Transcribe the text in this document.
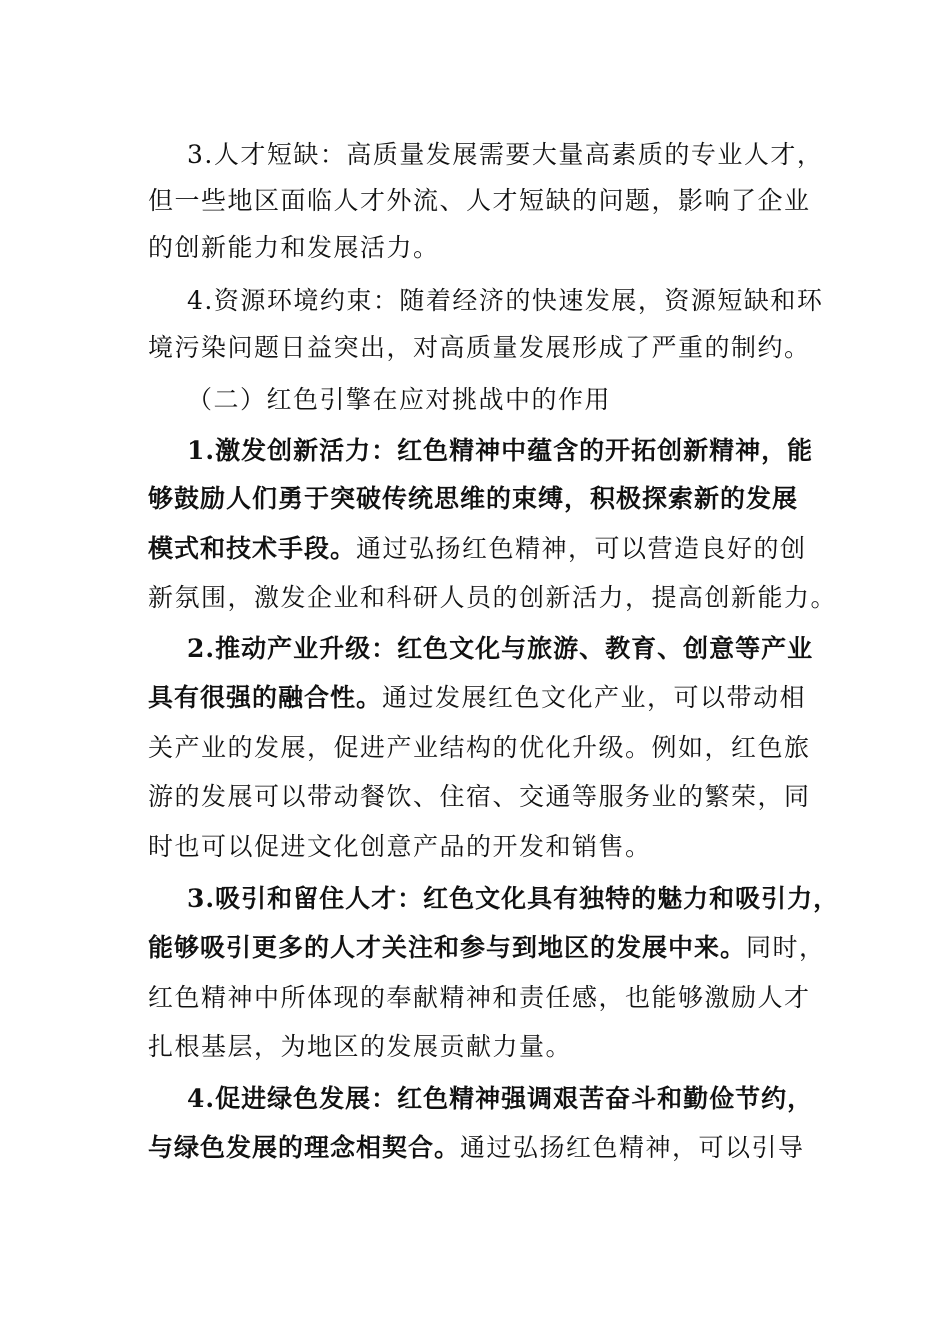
3.人才短缺：高质量发展需要大量高素质的专业人才，
但一些地区面临人才外流、人才短缺的问题，影响了企业
的创新能力和发展活力。
4.资源环境约束：随着经济的快速发展，资源短缺和环
境污染问题日益突出，对高质量发展形成了严重的制约。
（二）红色引擎在应对挑战中的作用
1.激发创新活力：红色精神中蕴含的开拓创新精神，能
够鼓励人们勇于突破传统思维的束缚，积极探索新的发展
模式和技术手段。通过弘扬红色精神，可以营造良好的创
新氛围，激发企业和科研人员的创新活力，提高创新能力。
2.推动产业升级：红色文化与旅游、教育、创意等产业
具有很强的融合性。通过发展红色文化产业，可以带动相
关产业的发展，促进产业结构的优化升级。例如，红色旅
游的发展可以带动餐饮、住宿、交通等服务业的繁荣，同
时也可以促进文化创意产品的开发和销售。
3.吸引和留住人才：红色文化具有独特的魅力和吸引力，
能够吸引更多的人才关注和参与到地区的发展中来。同时，
红色精神中所体现的奉献精神和责任感，也能够激励人才
扎根基层，为地区的发展贡献力量。
4.促进绿色发展：红色精神强调艰苦奋斗和勤俭节约，
与绿色发展的理念相契合。通过弘扬红色精神，可以引导
